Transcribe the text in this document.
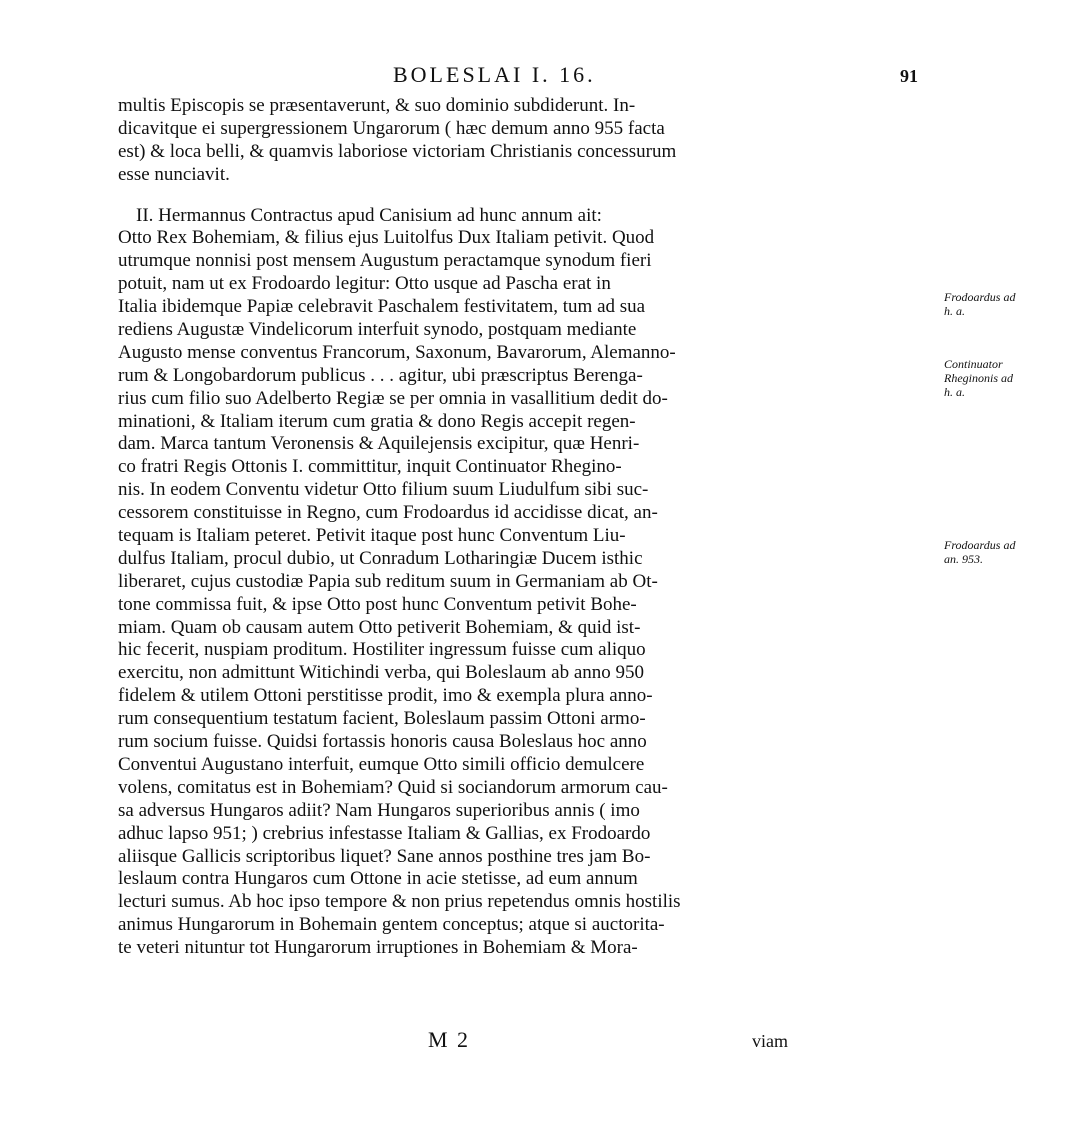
BOLESLAI I. 16.	91
multis Episcopis se præsentaverunt, & suo dominio subdiderunt. In-
dicavitque ei supergressionem Ungarorum ( hæc demum anno 955 facta
est) & loca belli, & quamvis laboriose victoriam Christianis concessurum
esse nunciavit.
II. Hermannus Contractus apud Canisium ad hunc annum ait:
Otto Rex Bohemiam, & filius ejus Luitolfus Dux Italiam petivit. Quod
utrumque nonnisi post mensem Augustum peractamque synodum fieri
potuit, nam ut ex Frodoardo legitur: Otto usque ad Pascha erat in
Italia ibidemque Papiæ celebravit Paschalem festivitatem, tum ad sua
rediens Augustæ Vindelicorum interfuit synodo, postquam mediante
Augusto mense conventus Francorum, Saxonum, Bavarorum, Alemanno-
rum & Longobardorum publicus . . . agitur, ubi præscriptus Berenga-
rius cum filio suo Adelberto Regiæ se per omnia in vasallitium dedit do-
minationi, & Italiam iterum cum gratia & dono Regis accepit regen-
dam. Marca tantum Veronensis & Aquilejensis excipitur, quæ Henri-
co fratri Regis Ottonis I. committitur, inquit Continuator Rhegino-
nis. In eodem Conventu videtur Otto filium suum Liudulfum sibi suc-
cessorem constituisse in Regno, cum Frodoardus id accidisse dicat, an-
tequam is Italiam peteret. Petivit itaque post hunc Conventum Liu-
dulfus Italiam, procul dubio, ut Conradum Lotharingiæ Ducem isthic
liberaret, cujus custodiæ Papia sub reditum suum in Germaniam ab Ot-
tone commissa fuit, & ipse Otto post hunc Conventum petivit Bohe-
miam. Quam ob causam autem Otto petiverit Bohemiam, & quid ist-
hic fecerit, nuspiam proditum. Hostiliter ingressum fuisse cum aliquo
exercitu, non admittunt Witichindi verba, qui Boleslaum ab anno 950
fidelem & utilem Ottoni perstitisse prodit, imo & exempla plura anno-
rum consequentium testatum facient, Boleslaum passim Ottoni armo-
rum socium fuisse. Quidsi fortassis honoris causa Boleslaus hoc anno
Conventui Augustano interfuit, eumque Otto simili officio demulcere
volens, comitatus est in Bohemiam? Quid si sociandorum armorum cau-
sa adversus Hungaros adiit? Nam Hungaros superioribus annis ( imo
adhuc lapso 951; ) crebrius infestasse Italiam & Gallias, ex Frodoardo
aliisque Gallicis scriptoribus liquet? Sane annos posthine tres jam Bo-
leslaum contra Hungaros cum Ottone in acie stetisse, ad eum annum
lecturi sumus. Ab hoc ipso tempore & non prius repetendus omnis hostilis
animus Hungarorum in Bohemain gentem conceptus; atque si auctorita-
te veteri nituntur tot Hungarorum irruptiones in Bohemiam & Mora-
Frodoardus ad
h. a.
Continuator
Rheginonis ad
h. a.
Frodoardus ad
an. 953.
M 2	viam
